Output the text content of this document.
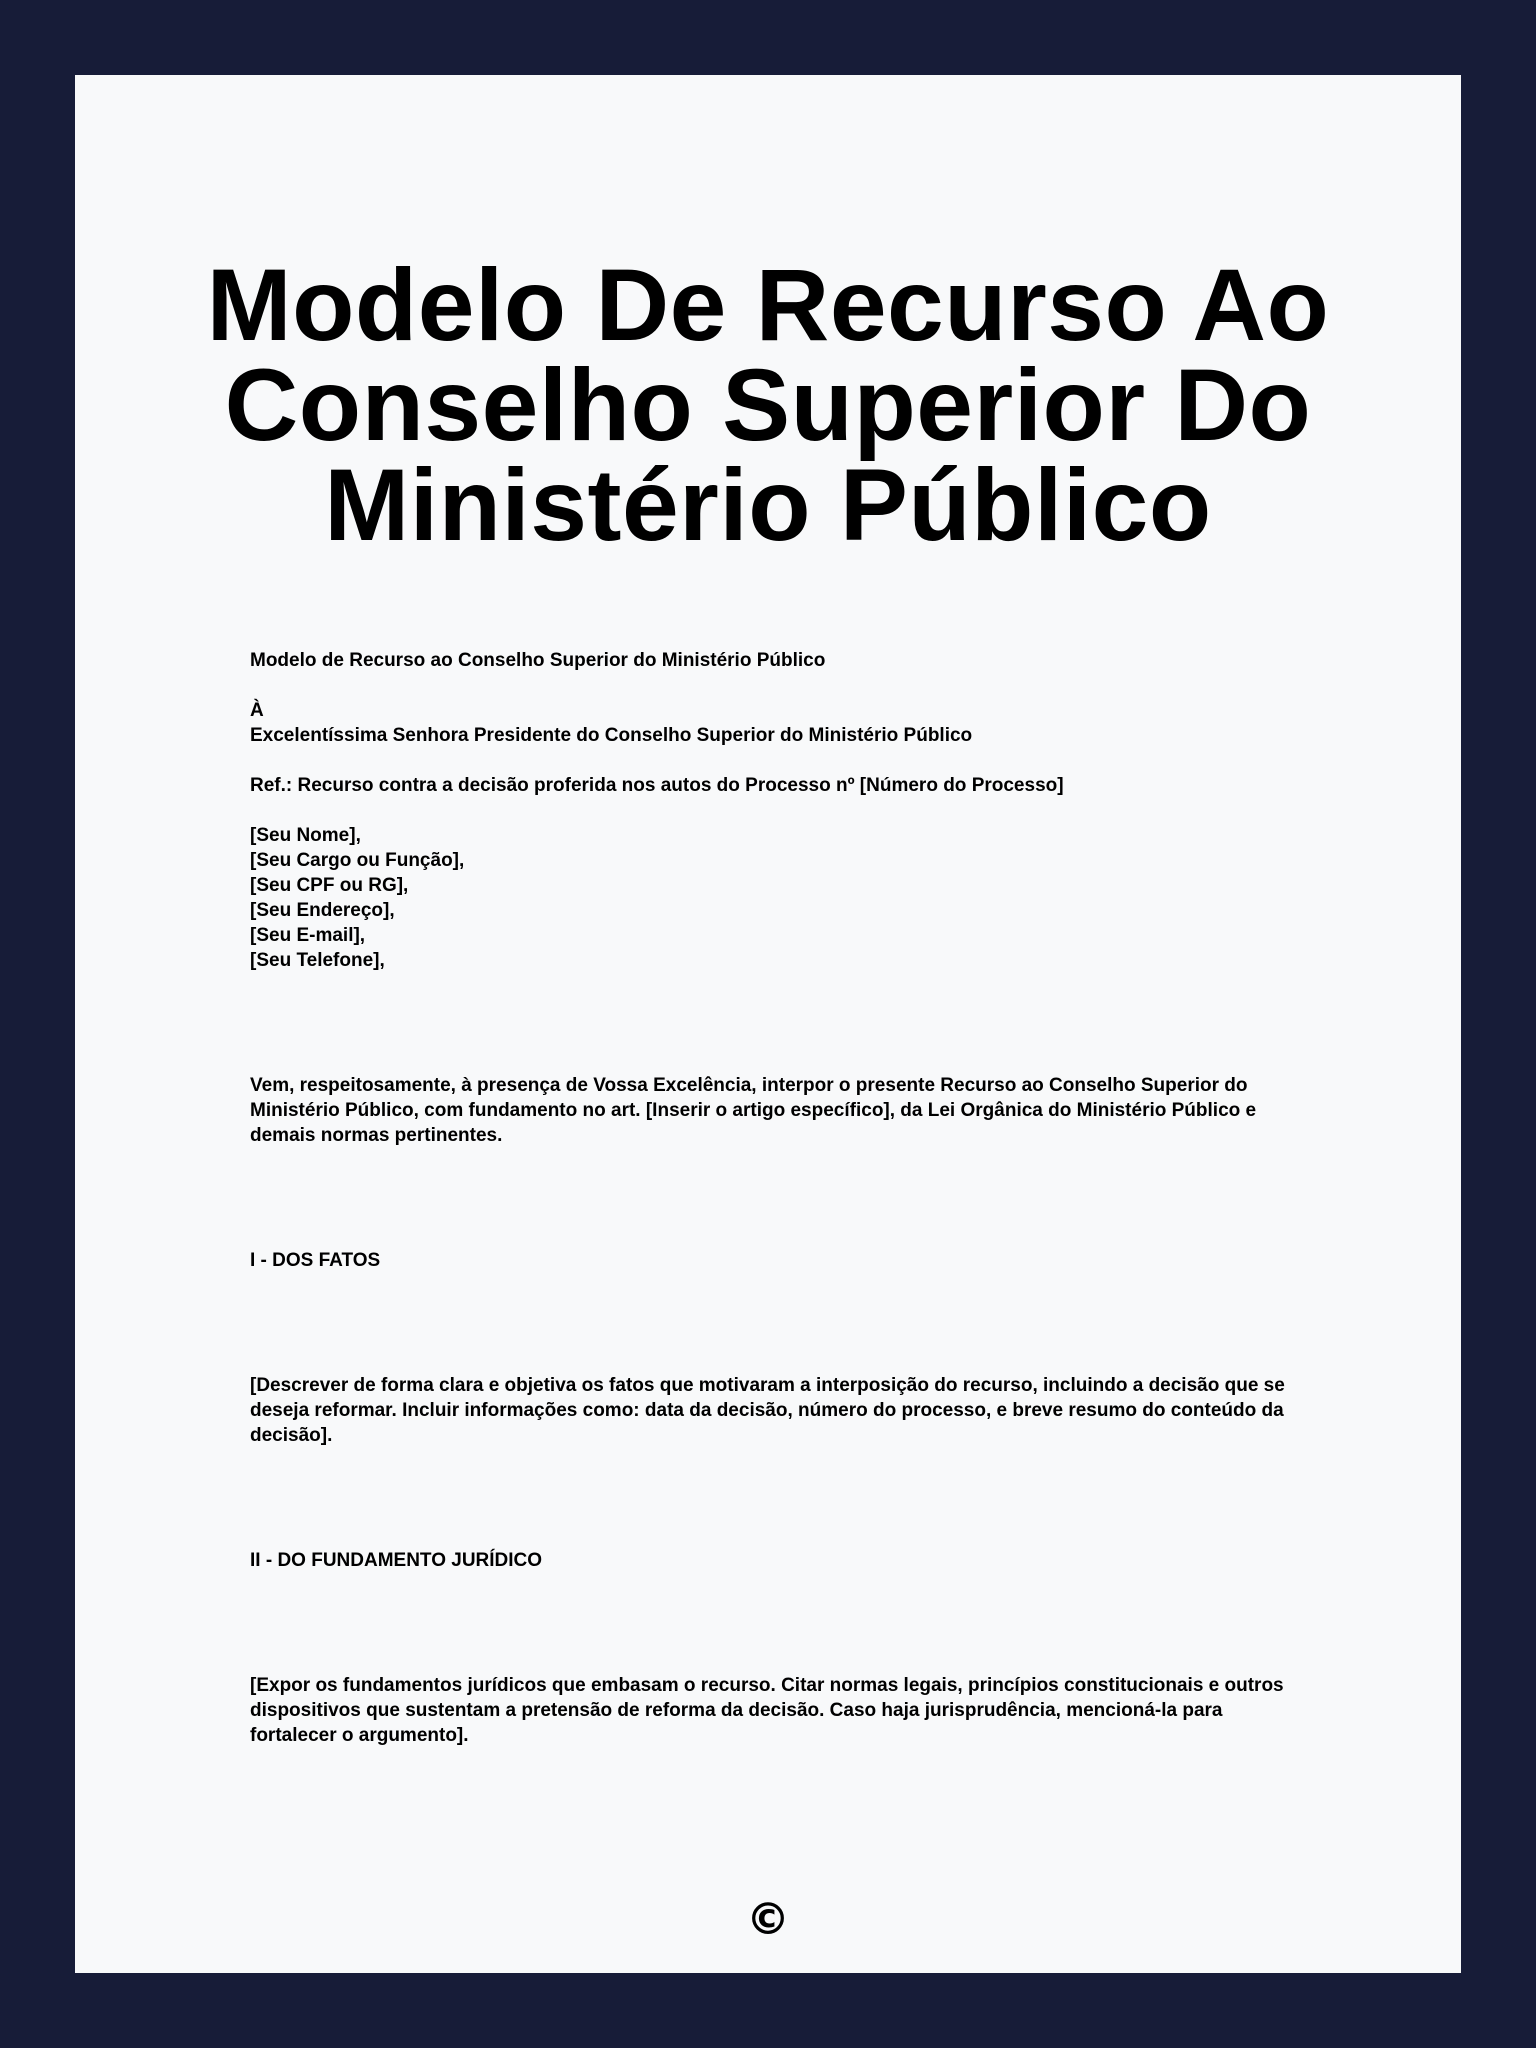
Modelo De Recurso Ao
Conselho Superior Do
Ministério Público
Modelo de Recurso ao Conselho Superior do Ministério Público
À
Excelentíssima Senhora Presidente do Conselho Superior do Ministério Público
Ref.: Recurso contra a decisão proferida nos autos do Processo nº [Número do Processo]
[Seu Nome],
[Seu Cargo ou Função],
[Seu CPF ou RG],
[Seu Endereço],
[Seu E-mail],
[Seu Telefone],
Vem, respeitosamente, à presença de Vossa Excelência, interpor o presente Recurso ao Conselho Superior do Ministério Público, com fundamento no art. [Inserir o artigo específico], da Lei Orgânica do Ministério Público e demais normas pertinentes.
I - DOS FATOS
[Descrever de forma clara e objetiva os fatos que motivaram a interposição do recurso, incluindo a decisão que se deseja reformar. Incluir informações como: data da decisão, número do processo, e breve resumo do conteúdo da decisão].
II - DO FUNDAMENTO JURÍDICO
[Expor os fundamentos jurídicos que embasam o recurso. Citar normas legais, princípios constitucionais e outros dispositivos que sustentam a pretensão de reforma da decisão. Caso haja jurisprudência, mencioná-la para fortalecer o argumento].
©
